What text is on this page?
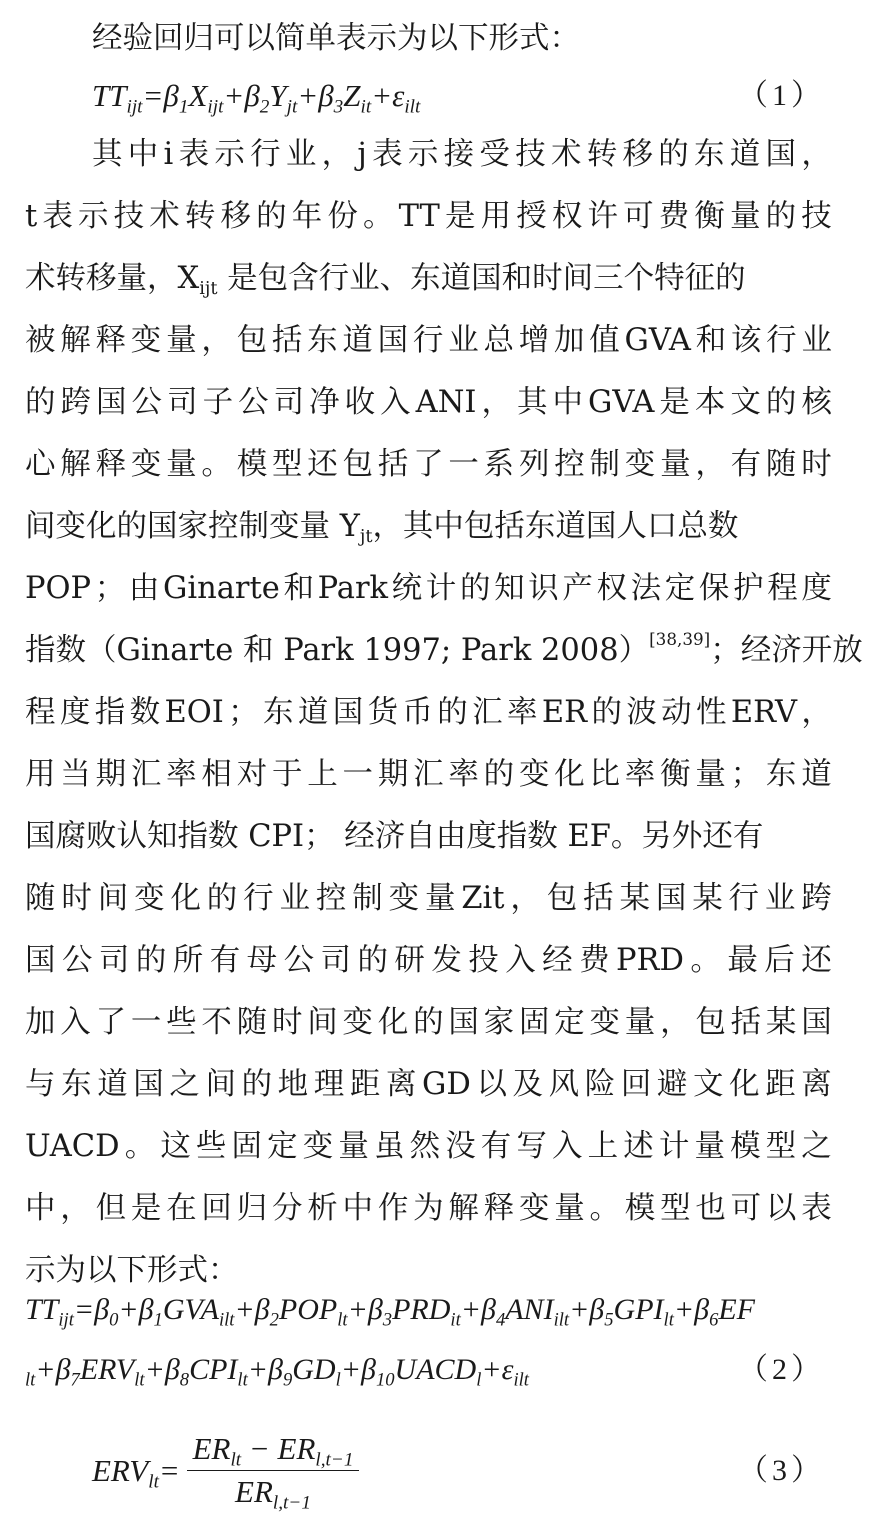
经验回归可以简单表示为以下形式：
$TT_{ijt}=\beta_1X_{ijt}+\beta_2Y_{jt}+\beta_3Z_{it}+\varepsilon_{ilt}$	（1）
其 中 i 表 示 行 业 ， j 表 示 接 受 技 术 转 移 的 东 道 国 ，
t 表 示 技 术 转 移 的 年 份 。 TT 是 用 授 权 许 可 费 衡 量 的 技
术转移量，$X_{ijt}$ 是包含行业、东道国和时间三个特征的
被 解 释 变 量 ， 包 括 东 道 国 行 业 总 增 加 值 GVA 和 该 行 业
的 跨 国 公 司 子 公 司 净 收 入 ANI ， 其 中 GVA 是 本 文 的 核
心 解 释 变 量 。 模 型 还 包 括 了 一 系 列 控 制 变 量 ， 有 随 时
间变化的国家控制变量 $Y_{jt}$，其中包括东道国人口总数
POP ； 由 Ginarte 和 Park 统 计 的 知 识 产 权 法 定 保 护 程 度
指数（Ginarte 和 Park 1997; Park 2008）[38,39]；经济开放
程 度 指 数 EOI ； 东 道 国 货 币 的 汇 率 ER 的 波 动 性 ERV ，
用 当 期 汇 率 相 对 于 上 一 期 汇 率 的 变 化 比 率 衡 量 ； 东 道
国腐败认知指数 CPI； 经济自由度指数 EF。另外还有
随 时 间 变 化 的 行 业 控 制 变 量 Zit ， 包 括 某 国 某 行 业 跨
国 公 司 的 所 有 母 公 司 的 研 发 投 入 经 费 PRD 。 最 后 还
加 入 了 一 些 不 随 时 间 变 化 的 国 家 固 定 变 量 ， 包 括 某 国
与 东 道 国 之 间 的 地 理 距 离 GD 以 及 风 险 回 避 文 化 距 离
UACD 。 这 些 固 定 变 量 虽 然 没 有 写 入 上 述 计 量 模 型 之
中 ， 但 是 在 回 归 分 析 中 作 为 解 释 变 量 。 模 型 也 可 以 表
示为以下形式：
$TT_{ijt}=\beta_0+\beta_1GVA_{ilt}+\beta_2POP_{lt}+\beta_3PRD_{it}+\beta_4ANI_{ilt}+\beta_5GPI_{lt}+\beta_6EF$
$_{lt}+\beta_7ERV_{lt}+\beta_8CPI_{lt}+\beta_9GD_l+\beta_{10}UACD_l+\varepsilon_{ilt}$	（2）
$ERV_{lt}=$
$ER_{lt} - ER_{l,t-1}$
$ER_{l,t-1}$
（3）
